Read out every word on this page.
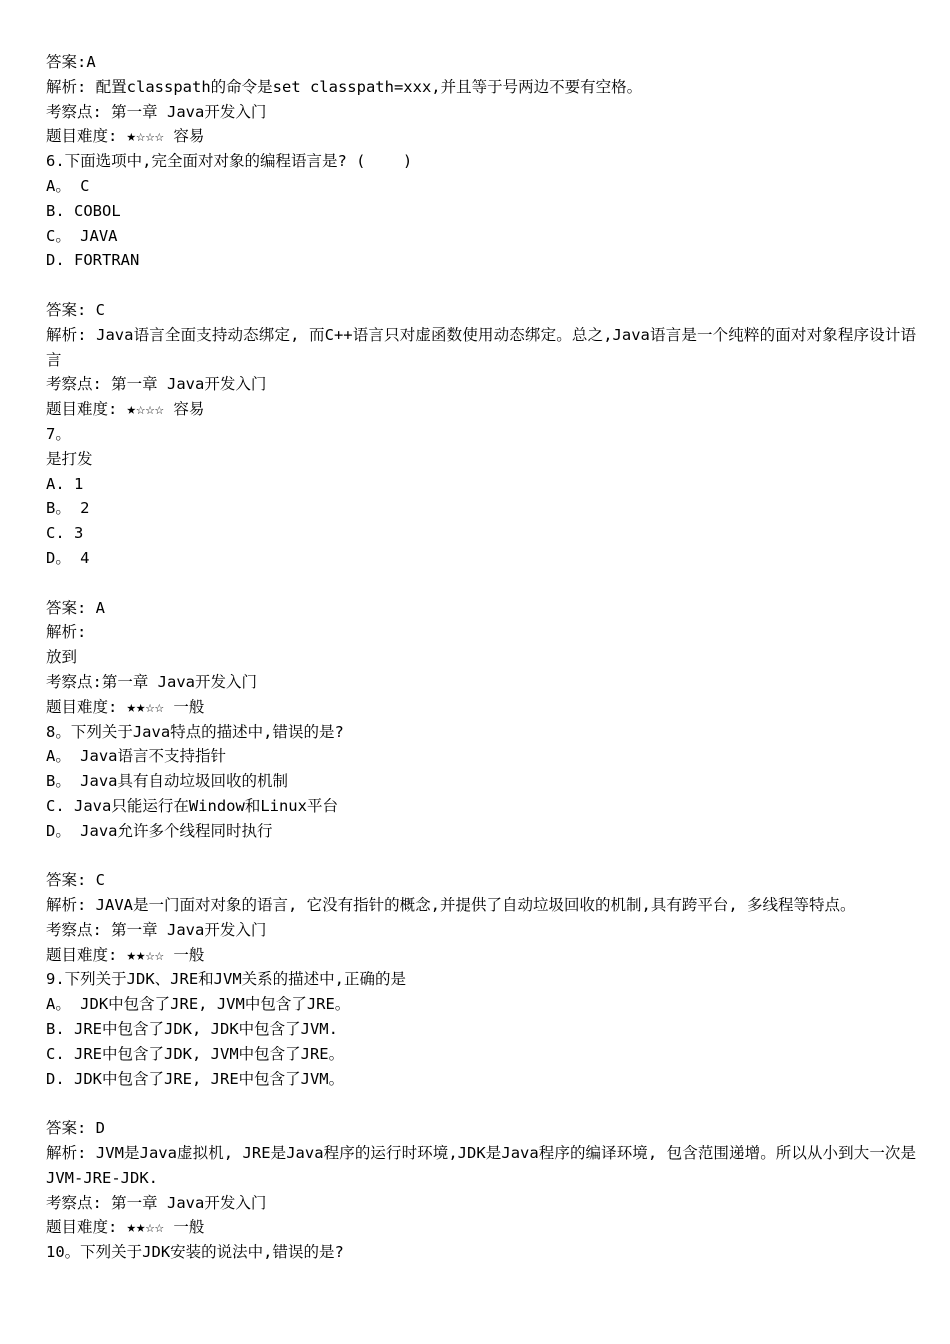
答案:A
解析: 配置classpath的命令是set classpath=xxx,并且等于号两边不要有空格。
考察点: 第一章 Java开发入门
题目难度: ★☆☆☆ 容易
6.下面选项中,完全面对对象的编程语言是? (    )
A。 C
B. COBOL
C。 JAVA
D. FORTRAN
答案: C
解析: Java语言全面支持动态绑定, 而C++语言只对虚函数使用动态绑定。总之,Java语言是一个纯粹的面对对象程序设计语言
考察点: 第一章 Java开发入门
题目难度: ★☆☆☆ 容易
7。
是打发
A. 1
B。 2
C. 3
D。 4
答案: A
解析:
放到
考察点:第一章 Java开发入门
题目难度: ★★☆☆ 一般
8。下列关于Java特点的描述中,错误的是?
A。 Java语言不支持指针
B。 Java具有自动垃圾回收的机制
C. Java只能运行在Window和Linux平台
D。 Java允许多个线程同时执行
答案: C
解析: JAVA是一门面对对象的语言, 它没有指针的概念,并提供了自动垃圾回收的机制,具有跨平台, 多线程等特点。
考察点: 第一章 Java开发入门
题目难度: ★★☆☆ 一般
9.下列关于JDK、JRE和JVM关系的描述中,正确的是
A。 JDK中包含了JRE, JVM中包含了JRE。
B. JRE中包含了JDK, JDK中包含了JVM.
C. JRE中包含了JDK, JVM中包含了JRE。
D. JDK中包含了JRE, JRE中包含了JVM。
答案: D
解析: JVM是Java虚拟机, JRE是Java程序的运行时环境,JDK是Java程序的编译环境, 包含范围递增。所以从小到大一次是 JVM-JRE-JDK.
考察点: 第一章 Java开发入门
题目难度: ★★☆☆ 一般
10。下列关于JDK安装的说法中,错误的是?
